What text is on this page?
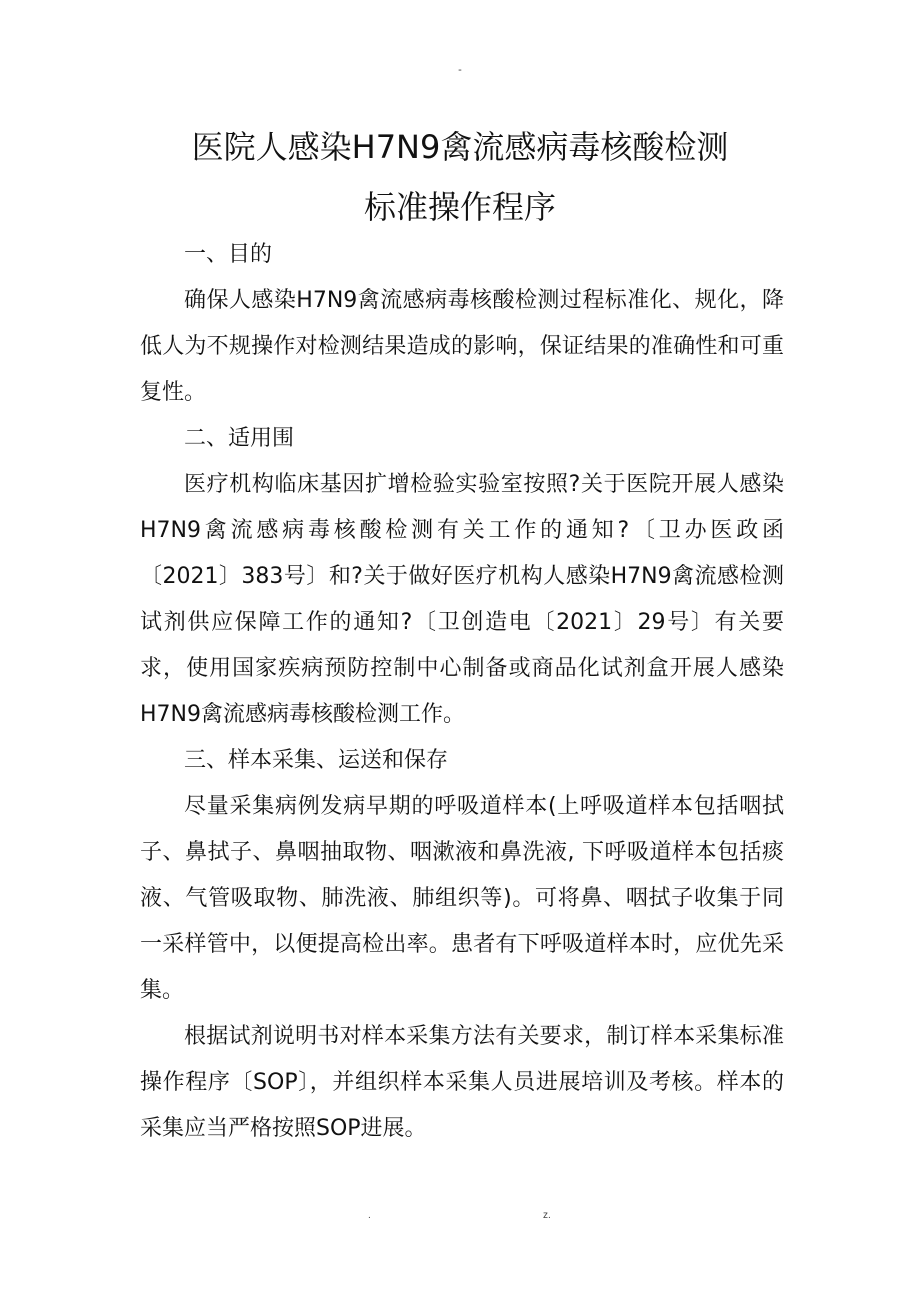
-
医院人感染H7N9禽流感病毒核酸检测
标准操作程序

一、目的

确保人感染H7N9禽流感病毒核酸检测过程标准化、规化，降低人为不规操作对检测结果造成的影响，保证结果的准确性和可重复性。

二、适用围

医疗机构临床基因扩增检验实验室按照?关于医院开展人感染H7N9禽流感病毒核酸检测有关工作的通知?〔卫办医政函〔2021〕383号〕和?关于做好医疗机构人感染H7N9禽流感检测试剂供应保障工作的通知?〔卫创造电〔2021〕29号〕有关要求，使用国家疾病预防控制中心制备或商品化试剂盒开展人感染H7N9禽流感病毒核酸检测工作。

三、样本采集、运送和保存

尽量采集病例发病早期的呼吸道样本(上呼吸道样本包括咽拭子、鼻拭子、鼻咽抽取物、咽漱液和鼻洗液, 下呼吸道样本包括痰液、气管吸取物、肺洗液、肺组织等)。可将鼻、咽拭子收集于同一采样管中，以便提高检出率。患者有下呼吸道样本时，应优先采集。

根据试剂说明书对样本采集方法有关要求，制订样本采集标准操作程序〔SOP〕，并组织样本采集人员进展培训及考核。样本的采集应当严格按照SOP进展。

.	z.
